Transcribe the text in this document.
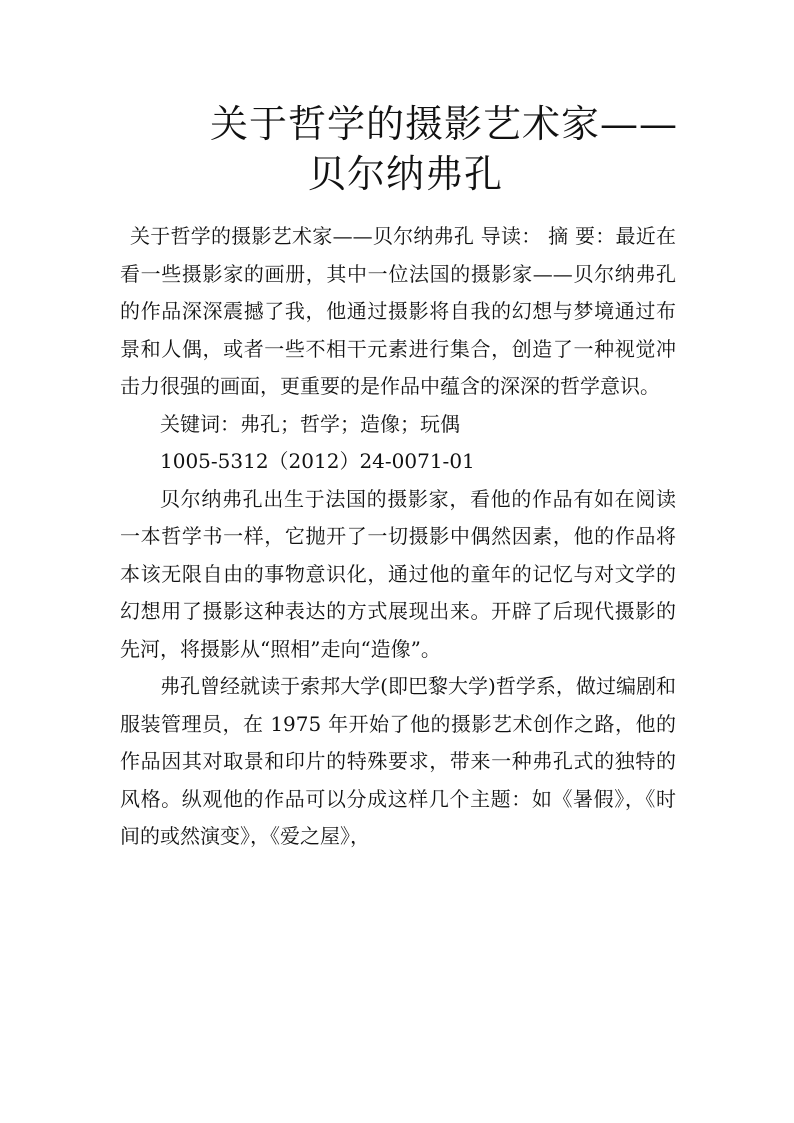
关于哲学的摄影艺术家——
贝尔纳弗孔

关于哲学的摄影艺术家——贝尔纳弗孔 导读： 摘 要：最近在看一些摄影家的画册，其中一位法国的摄影家——贝尔纳弗孔的作品深深震撼了我，他通过摄影将自我的幻想与梦境通过布景和人偶，或者一些不相干元素进行集合，创造了一种视觉冲击力很强的画面，更重要的是作品中蕴含的深深的哲学意识。

关键词：弗孔；哲学；造像；玩偶

1005-5312（2012）24-0071-01

贝尔纳弗孔出生于法国的摄影家，看他的作品有如在阅读一本哲学书一样，它抛开了一切摄影中偶然因素，他的作品将本该无限自由的事物意识化，通过他的童年的记忆与对文学的幻想用了摄影这种表达的方式展现出来。开辟了后现代摄影的先河，将摄影从“照相”走向“造像”。

弗孔曾经就读于索邦大学(即巴黎大学)哲学系，做过编剧和服装管理员，在 1975 年开始了他的摄影艺术创作之路，他的作品因其对取景和印片的特殊要求，带来一种弗孔式的独特的风格。纵观他的作品可以分成这样几个主题：如《暑假》，《时间的或然演变》，《爱之屋》，
